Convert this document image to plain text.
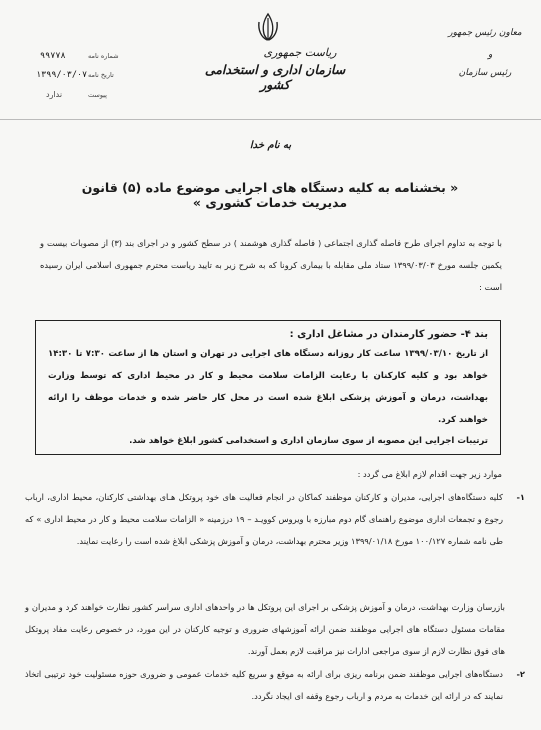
ریاست جمهوری
سازمان اداری و استخدامی کشور
۹۹۷۷۸	شماره نامه
۱۳۹۹/۰۳/۰۷ تاریخ نامه
ندارد	پیوست
معاون رئیس جمهور
و
رئیس سازمان
به نام خدا
« بخشنامه به کلیه دستگاه های اجرایی موضوع ماده (۵) قانون مدیریت خدمات کشوری »
با توجه به تداوم اجرای طرح فاصله گذاری اجتماعی ( فاصله گذاری هوشمند ) در سطح کشور و در اجرای بند (۳) از مصوبات بیست و یکمین جلسه مورخ ۱۳۹۹/۰۳/۰۳ ستاد ملی مقابله با بیماری کرونا که به شرح زیر به تایید ریاست محترم جمهوری اسلامی ایران رسیده است :
بند ۴- حضور کارمندان در مشاغل اداری :
از تاریخ ۱۳۹۹/۰۳/۱۰ ساعت کار روزانه دستگاه های اجرایی در تهران و استان ها از ساعت ۷:۳۰ تا ۱۴:۳۰ خواهد بود و کلیه کارکنان با رعایت الزامات سلامت محیط و کار در محیط اداری که توسط وزارت بهداشت، درمان و آموزش پزشکی ابلاغ شده است در محل کار حاضر شده و خدمات موظف را ارائه خواهند کرد.
ترتیبات اجرایی این مصوبه از سوی سازمان اداری و استخدامی کشور ابلاغ خواهد شد.
موارد زیر جهت اقدام لازم ابلاغ می گردد :
۱-
کلیه دستگاه‌های اجرایی، مدیران و کارکنان موظفند کماکان در انجام فعالیت های خود پروتکل هـای بهداشتی کارکنان، محیط اداری، ارباب رجوع و تجمعات اداری موضوع راهنمای گام دوم مبارزه با ویروس کوویـد – ۱۹ درزمینه « الزامات سلامت محیط و کار در محیط اداری » که طی نامه شماره ۱۰۰/۱۲۷ مورخ ۱۳۹۹/۰۱/۱۸ وزیر محترم بهداشت، درمان و آموزش پزشکی ابلاغ شده است را رعایت نمایند.
بازرسان وزارت بهداشت، درمان و آموزش پزشکی بر اجرای این پروتکل ها در واحدهای اداری سراسر کشور نظارت خواهند کرد و مدیران و مقامات مسئول دستگاه های اجرایی موظفند ضمن ارائه آموزشهای ضروری و توجیه کارکنان در این مورد، در خصوص رعایت مفاد پروتکل های فوق نظارت لازم از سوی مراجعی ادارات نیز مراقبت لازم بعمل آورند.
۲-
دستگاه‌های اجرایی موظفند ضمن برنامه ریزی برای ارائه به موقع و سریع کلیه خدمات عمومی و ضروری حوزه مسئولیت خود ترتیبی اتخاذ نمایند که در ارائه این خدمات به مردم و ارباب رجوع وقفه ای ایجاد نگردد.
